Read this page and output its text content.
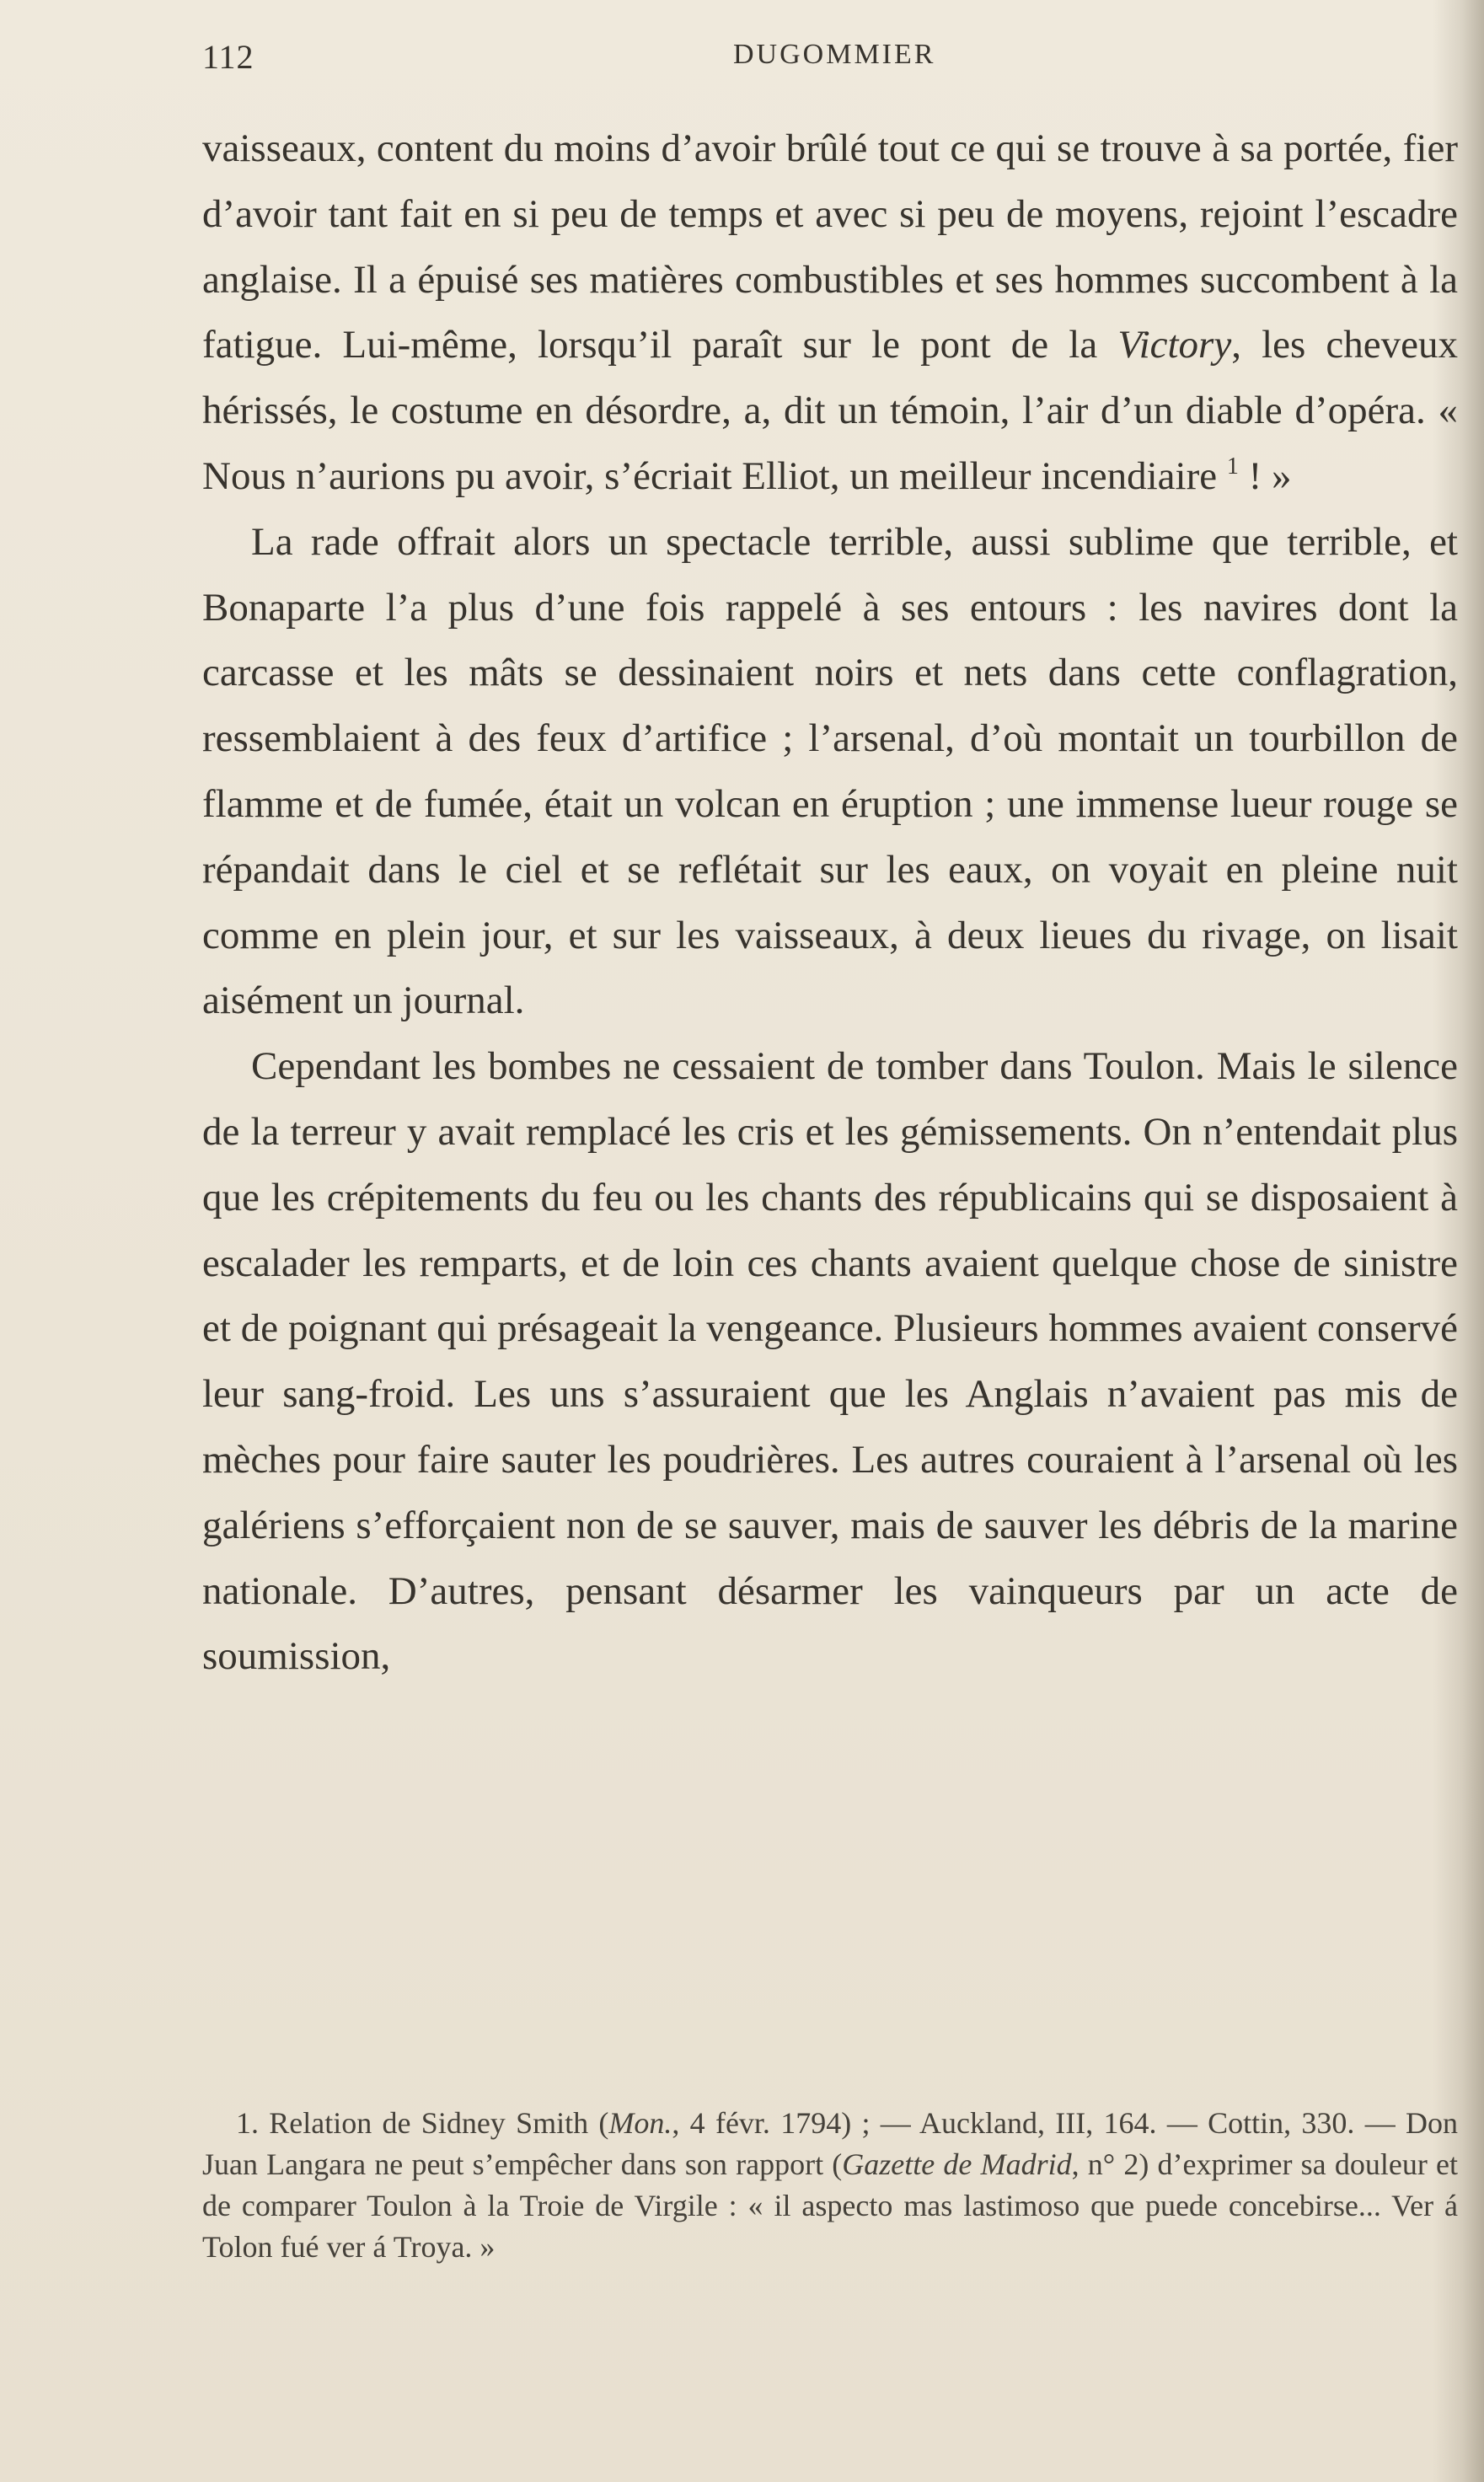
112	DUGOMMIER

vaisseaux, content du moins d’avoir brûlé tout ce qui se trouve à sa portée, fier d’avoir tant fait en si peu de temps et avec si peu de moyens, rejoint l’escadre anglaise. Il a épuisé ses matières combustibles et ses hommes succombent à la fatigue. Lui-même, lorsqu’il paraît sur le pont de la Victory, les cheveux hérissés, le costume en désordre, a, dit un témoin, l’air d’un diable d’opéra. « Nous n’aurions pu avoir, s’écriait Elliot, un meilleur incendiaire $^1$ ! »

La rade offrait alors un spectacle terrible, aussi sublime que terrible, et Bonaparte l’a plus d’une fois rappelé à ses entours : les navires dont la carcasse et les mâts se dessinaient noirs et nets dans cette conflagration, ressemblaient à des feux d’artifice ; l’arsenal, d’où montait un tourbillon de flamme et de fumée, était un volcan en éruption ; une immense lueur rouge se répandait dans le ciel et se reflétait sur les eaux, on voyait en pleine nuit comme en plein jour, et sur les vaisseaux, à deux lieues du rivage, on lisait aisément un journal.

Cependant les bombes ne cessaient de tomber dans Toulon. Mais le silence de la terreur y avait remplacé les cris et les gémissements. On n’entendait plus que les crépitements du feu ou les chants des républicains qui se disposaient à escalader les remparts, et de loin ces chants avaient quelque chose de sinistre et de poignant qui présageait la vengeance. Plusieurs hommes avaient conservé leur sang-froid. Les uns s’assuraient que les Anglais n’avaient pas mis de mèches pour faire sauter les poudrières. Les autres couraient à l’arsenal où les galériens s’efforçaient non de se sauver, mais de sauver les débris de la marine nationale. D’autres, pensant désarmer les vainqueurs par un acte de soumission,

1. Relation de Sidney Smith (Mon., 4 févr. 1794) ; — Auckland, III, 164. — Cottin, 330. — Don Juan Langara ne peut s’empêcher dans son rapport (Gazette de Madrid, n° 2) d’exprimer sa douleur et de comparer Toulon à la Troie de Virgile : « il aspecto mas lastimoso que puede concebirse... Ver á Tolon fué ver á Troya. »
